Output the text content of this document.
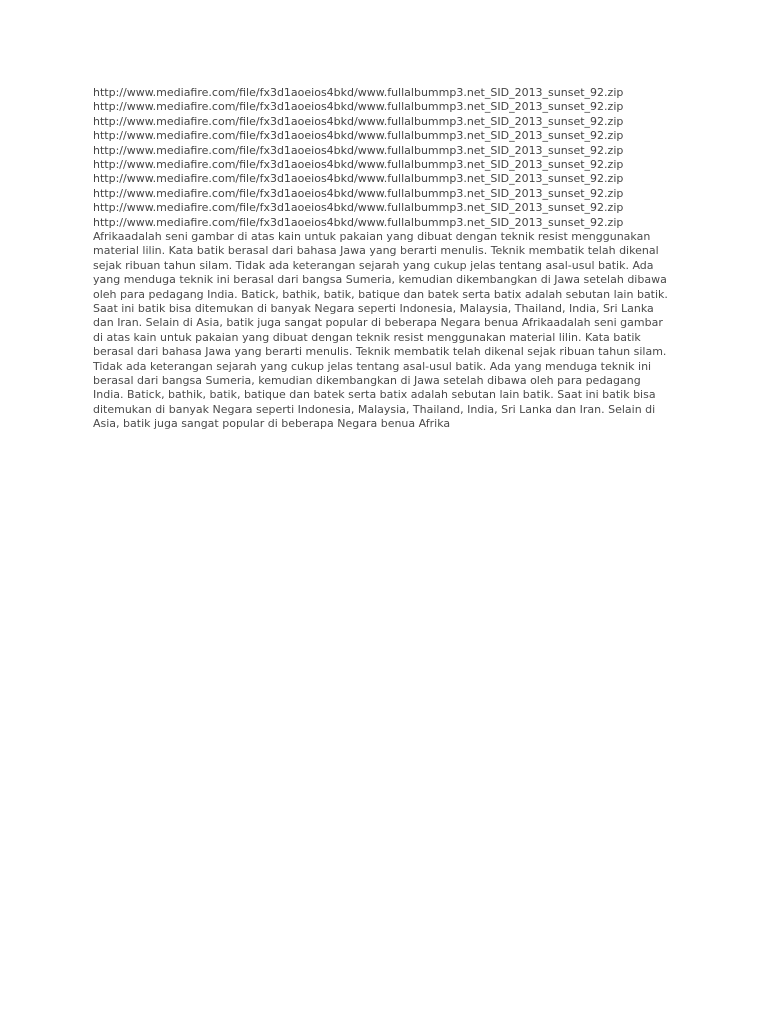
http://www.mediafire.com/file/fx3d1aoeios4bkd/www.fullalbummp3.net_SID_2013_sunset_92.zip
http://www.mediafire.com/file/fx3d1aoeios4bkd/www.fullalbummp3.net_SID_2013_sunset_92.zip
http://www.mediafire.com/file/fx3d1aoeios4bkd/www.fullalbummp3.net_SID_2013_sunset_92.zip
http://www.mediafire.com/file/fx3d1aoeios4bkd/www.fullalbummp3.net_SID_2013_sunset_92.zip
http://www.mediafire.com/file/fx3d1aoeios4bkd/www.fullalbummp3.net_SID_2013_sunset_92.zip
http://www.mediafire.com/file/fx3d1aoeios4bkd/www.fullalbummp3.net_SID_2013_sunset_92.zip
http://www.mediafire.com/file/fx3d1aoeios4bkd/www.fullalbummp3.net_SID_2013_sunset_92.zip
http://www.mediafire.com/file/fx3d1aoeios4bkd/www.fullalbummp3.net_SID_2013_sunset_92.zip
http://www.mediafire.com/file/fx3d1aoeios4bkd/www.fullalbummp3.net_SID_2013_sunset_92.zip
http://www.mediafire.com/file/fx3d1aoeios4bkd/www.fullalbummp3.net_SID_2013_sunset_92.zip

Afrikaadalah seni gambar di atas kain untuk pakaian yang dibuat dengan teknik resist menggunakan material lilin. Kata batik berasal dari bahasa Jawa yang berarti menulis. Teknik membatik telah dikenal sejak ribuan tahun silam. Tidak ada keterangan sejarah yang cukup jelas tentang asal-usul batik. Ada yang menduga teknik ini berasal dari bangsa Sumeria, kemudian dikembangkan di Jawa setelah dibawa oleh para pedagang India. Batick, bathik, batik, batique dan batek serta batix adalah sebutan lain batik. Saat ini batik bisa ditemukan di banyak Negara seperti Indonesia, Malaysia, Thailand, India, Sri Lanka dan Iran. Selain di Asia, batik juga sangat popular di beberapa Negara benua Afrikaadalah seni gambar di atas kain untuk pakaian yang dibuat dengan teknik resist menggunakan material lilin. Kata batik berasal dari bahasa Jawa yang berarti menulis. Teknik membatik telah dikenal sejak ribuan tahun silam. Tidak ada keterangan sejarah yang cukup jelas tentang asal-usul batik. Ada yang menduga teknik ini berasal dari bangsa Sumeria, kemudian dikembangkan di Jawa setelah dibawa oleh para pedagang India. Batick, bathik, batik, batique dan batek serta batix adalah sebutan lain batik. Saat ini batik bisa ditemukan di banyak Negara seperti Indonesia, Malaysia, Thailand, India, Sri Lanka dan Iran. Selain di Asia, batik juga sangat popular di beberapa Negara benua Afrika
